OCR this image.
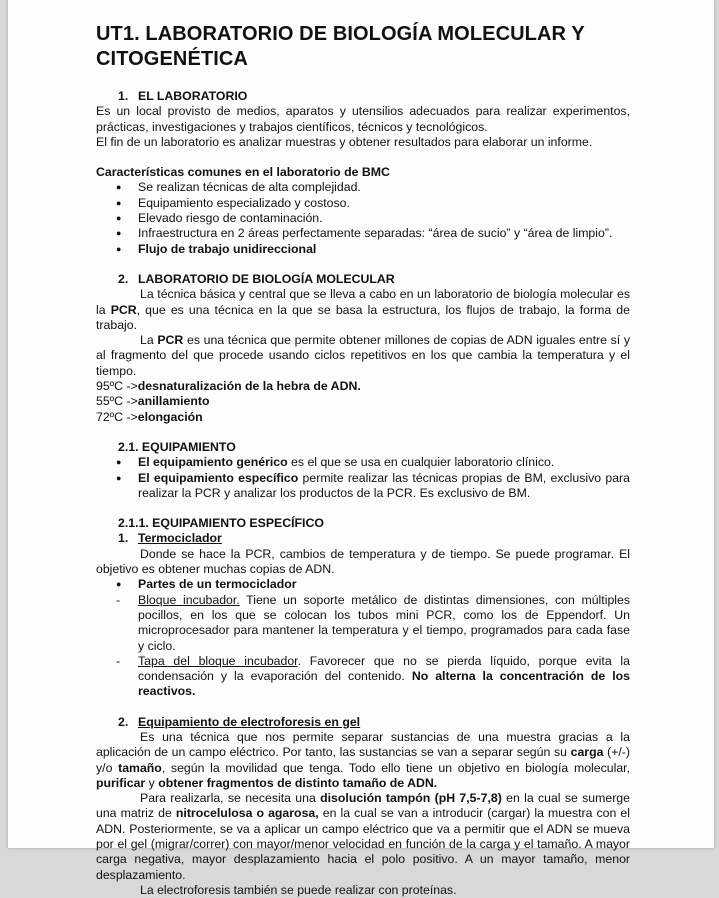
UT1. LABORATORIO DE BIOLOGÍA MOLECULAR Y CITOGENÉTICA
1. EL LABORATORIO

Es un local provisto de medios, aparatos y utensilios adecuados para realizar experimentos, prácticas, investigaciones y trabajos científicos, técnicos y tecnológicos.

El fin de un laboratorio es analizar muestras y obtener resultados para elaborar un informe.

Características comunes en el laboratorio de BMC

● Se realizan técnicas de alta complejidad.
● Equipamiento especializado y costoso.
● Elevado riesgo de contaminación.
● Infraestructura en 2 áreas perfectamente separadas: “área de sucio” y “área de limpio”.
● Flujo de trabajo unidireccional
2. LABORATORIO DE BIOLOGÍA MOLECULAR

La técnica básica y central que se lleva a cabo en un laboratorio de biología molecular es la PCR, que es una técnica en la que se basa la estructura, los flujos de trabajo, la forma de trabajo.

La PCR es una técnica que permite obtener millones de copias de ADN iguales entre sí y al fragmento del que procede usando ciclos repetitivos en los que cambia la temperatura y el tiempo.

95ºC ->desnaturalización de la hebra de ADN.

55ºC ->anillamiento

72ºC ->elongación

2.1. EQUIPAMIENTO
● El equipamiento genérico es el que se usa en cualquier laboratorio clínico.
● El equipamiento específico permite realizar las técnicas propias de BM, exclusivo para realizar la PCR y analizar los productos de la PCR. Es exclusivo de BM.
2.1.1. EQUIPAMIENTO ESPECÍFICO
1. Termociclador

Donde se hace la PCR, cambios de temperatura y de tiempo. Se puede programar. El objetivo es obtener muchas copias de ADN.

● Partes de un termociclador
- Bloque incubador. Tiene un soporte metálico de distintas dimensiones, con múltiples pocillos, en los que se colocan los tubos mini PCR, como los de Eppendorf. Un microprocesador para mantener la temperatura y el tiempo, programados para cada fase y ciclo.
- Tapa del bloque incubador. Favorecer que no se pierda líquido, porque evita la condensación y la evaporación del contenido. No alterna la concentración de los reactivos.
2. Equipamiento de electroforesis en gel

Es una técnica que nos permite separar sustancias de una muestra gracias a la aplicación de un campo eléctrico. Por tanto, las sustancias se van a separar según su carga (+/-) y/o tamaño, según la movilidad que tenga. Todo ello tiene un objetivo en biología molecular, purificar y obtener fragmentos de distinto tamaño de ADN.

Para realizarla, se necesita una disolución tampón (pH 7,5-7,8) en la cual se sumerge una matriz de nitrocelulosa o agarosa, en la cual se van a introducir (cargar) la muestra con el ADN. Posteriormente, se va a aplicar un campo eléctrico que va a permitir que el ADN se mueva por el gel (migrar/correr) con mayor/menor velocidad en función de la carga y el tamaño. A mayor carga negativa, mayor desplazamiento hacia el polo positivo. A un mayor tamaño, menor desplazamiento.

La electroforesis también se puede realizar con proteínas.
